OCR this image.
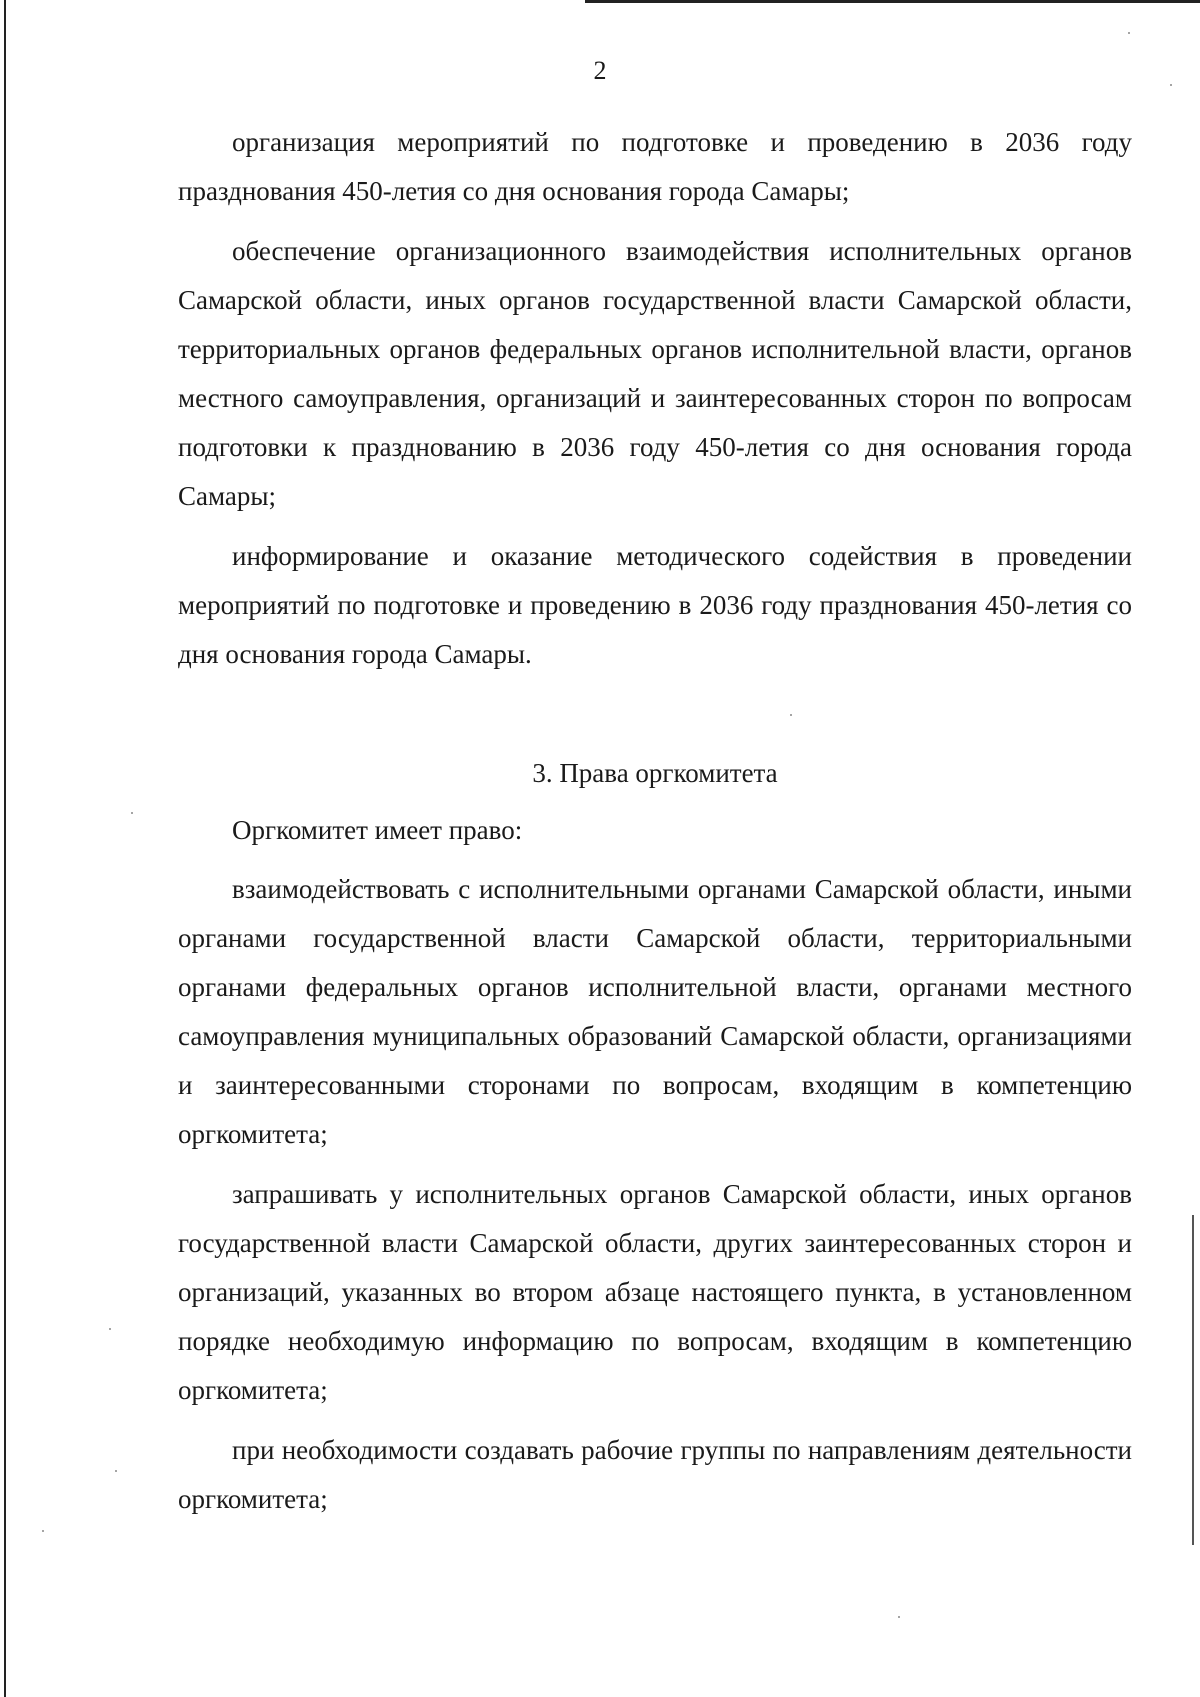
2

организация мероприятий по подготовке и проведению в 2036 году празднования 450-летия со дня основания города Самары;

обеспечение организационного взаимодействия исполнительных органов Самарской области, иных органов государственной власти Самарской области, территориальных органов федеральных органов исполнительной власти, органов местного самоуправления, организаций и заинтересованных сторон по вопросам подготовки к празднованию в 2036 году 450-летия со дня основания города Самары;

информирование и оказание методического содействия в проведении мероприятий по подготовке и проведению в 2036 году празднования 450-летия со дня основания города Самары.

3. Права оргкомитета

Оргкомитет имеет право:

взаимодействовать с исполнительными органами Самарской области, иными органами государственной власти Самарской области, территориальными органами федеральных органов исполнительной власти, органами местного самоуправления муниципальных образований Самарской области, организациями и заинтересованными сторонами по вопросам, входящим в компетенцию оргкомитета;

запрашивать у исполнительных органов Самарской области, иных органов государственной власти Самарской области, других заинтересованных сторон и организаций, указанных во втором абзаце настоящего пункта, в установленном порядке необходимую информацию по вопросам, входящим в компетенцию оргкомитета;

при необходимости создавать рабочие группы по направлениям деятельности оргкомитета;
